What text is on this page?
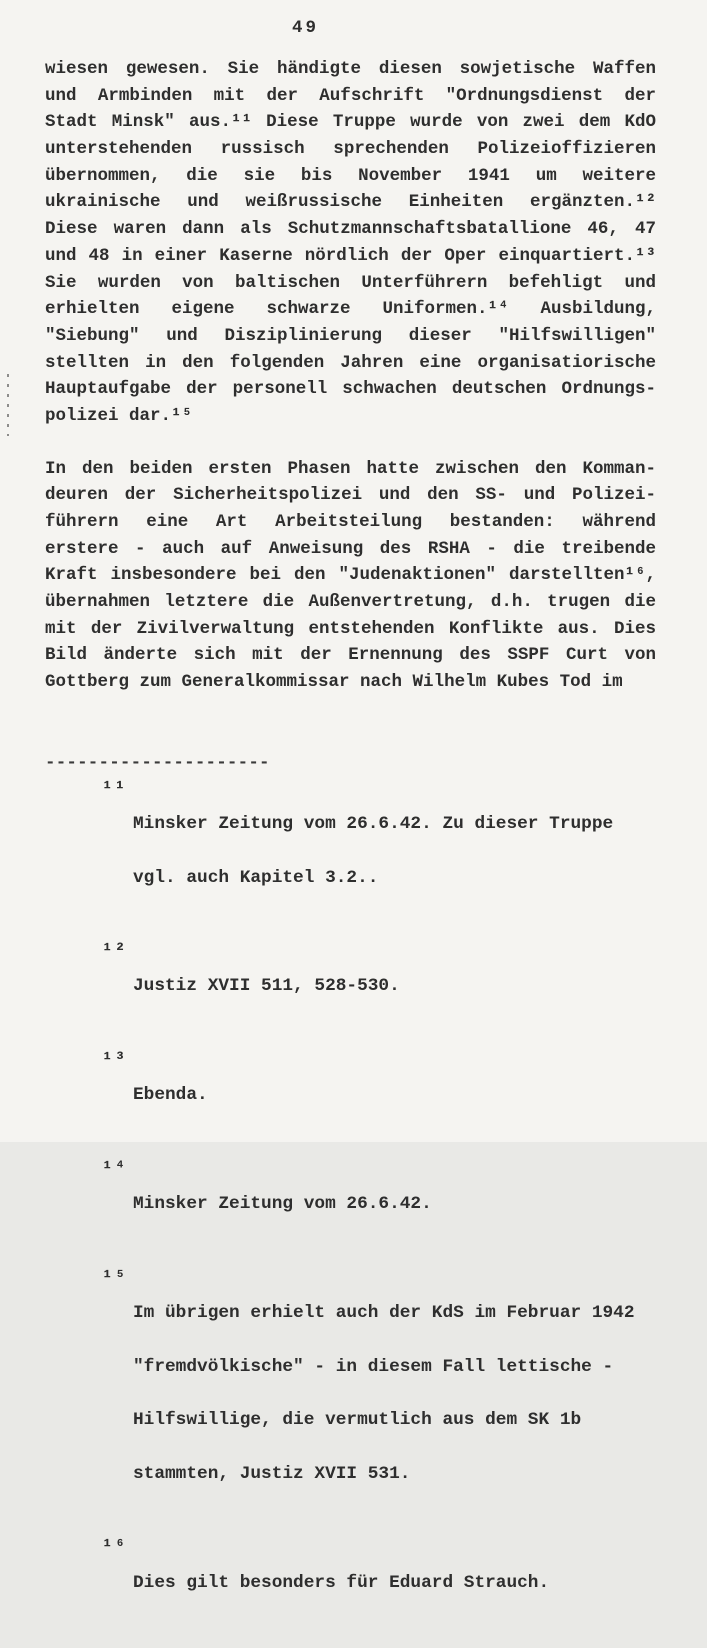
49
wiesen gewesen. Sie händigte diesen sowjetische Waffen
und Armbinden mit der Aufschrift "Ordnungsdienst der
Stadt Minsk" aus.¹¹ Diese Truppe wurde von zwei dem KdO
unterstehenden russisch sprechenden Polizeioffizieren
übernommen, die sie bis November 1941 um weitere
ukrainische und weißrussische Einheiten ergänzten.¹²
Diese waren dann als Schutzmannschaftsbatallione 46, 47
und 48 in einer Kaserne nördlich der Oper einquartiert.¹³
Sie wurden von baltischen Unterführern befehligt und
erhielten eigene schwarze Uniformen.¹⁴ Ausbildung,
"Siebung" und Disziplinierung dieser "Hilfswilligen"
stellten in den folgenden Jahren eine organisatiorische
Hauptaufgabe der personell schwachen deutschen Ordnungs-
polizei dar.¹⁵
In den beiden ersten Phasen hatte zwischen den Komman-
deuren der Sicherheitspolizei und den SS- und Polizei-
führern eine Art Arbeitsteilung bestanden: während
erstere - auch auf Anweisung des RSHA - die treibende
Kraft insbesondere bei den "Judenaktionen" darstellten¹⁶,
übernahmen letztere die Außenvertretung, d.h. trugen die
mit der Zivilverwaltung entstehenden Konflikte aus. Dies
Bild änderte sich mit der Ernennung des SSPF Curt von
Gottberg zum Generalkommissar nach Wilhelm Kubes Tod im
---------------------
¹¹

Minsker Zeitung vom 26.6.42. Zu dieser Truppe

vgl. auch Kapitel 3.2..

¹²

Justiz XVII 511, 528-530.

¹³

Ebenda.

¹⁴

Minsker Zeitung vom 26.6.42.

¹⁵

Im übrigen erhielt auch der KdS im Februar 1942

"fremdvölkische" - in diesem Fall lettische -

Hilfswillige, die vermutlich aus dem SK 1b

stammten, Justiz XVII 531.

¹⁶

Dies gilt besonders für Eduard Strauch.
